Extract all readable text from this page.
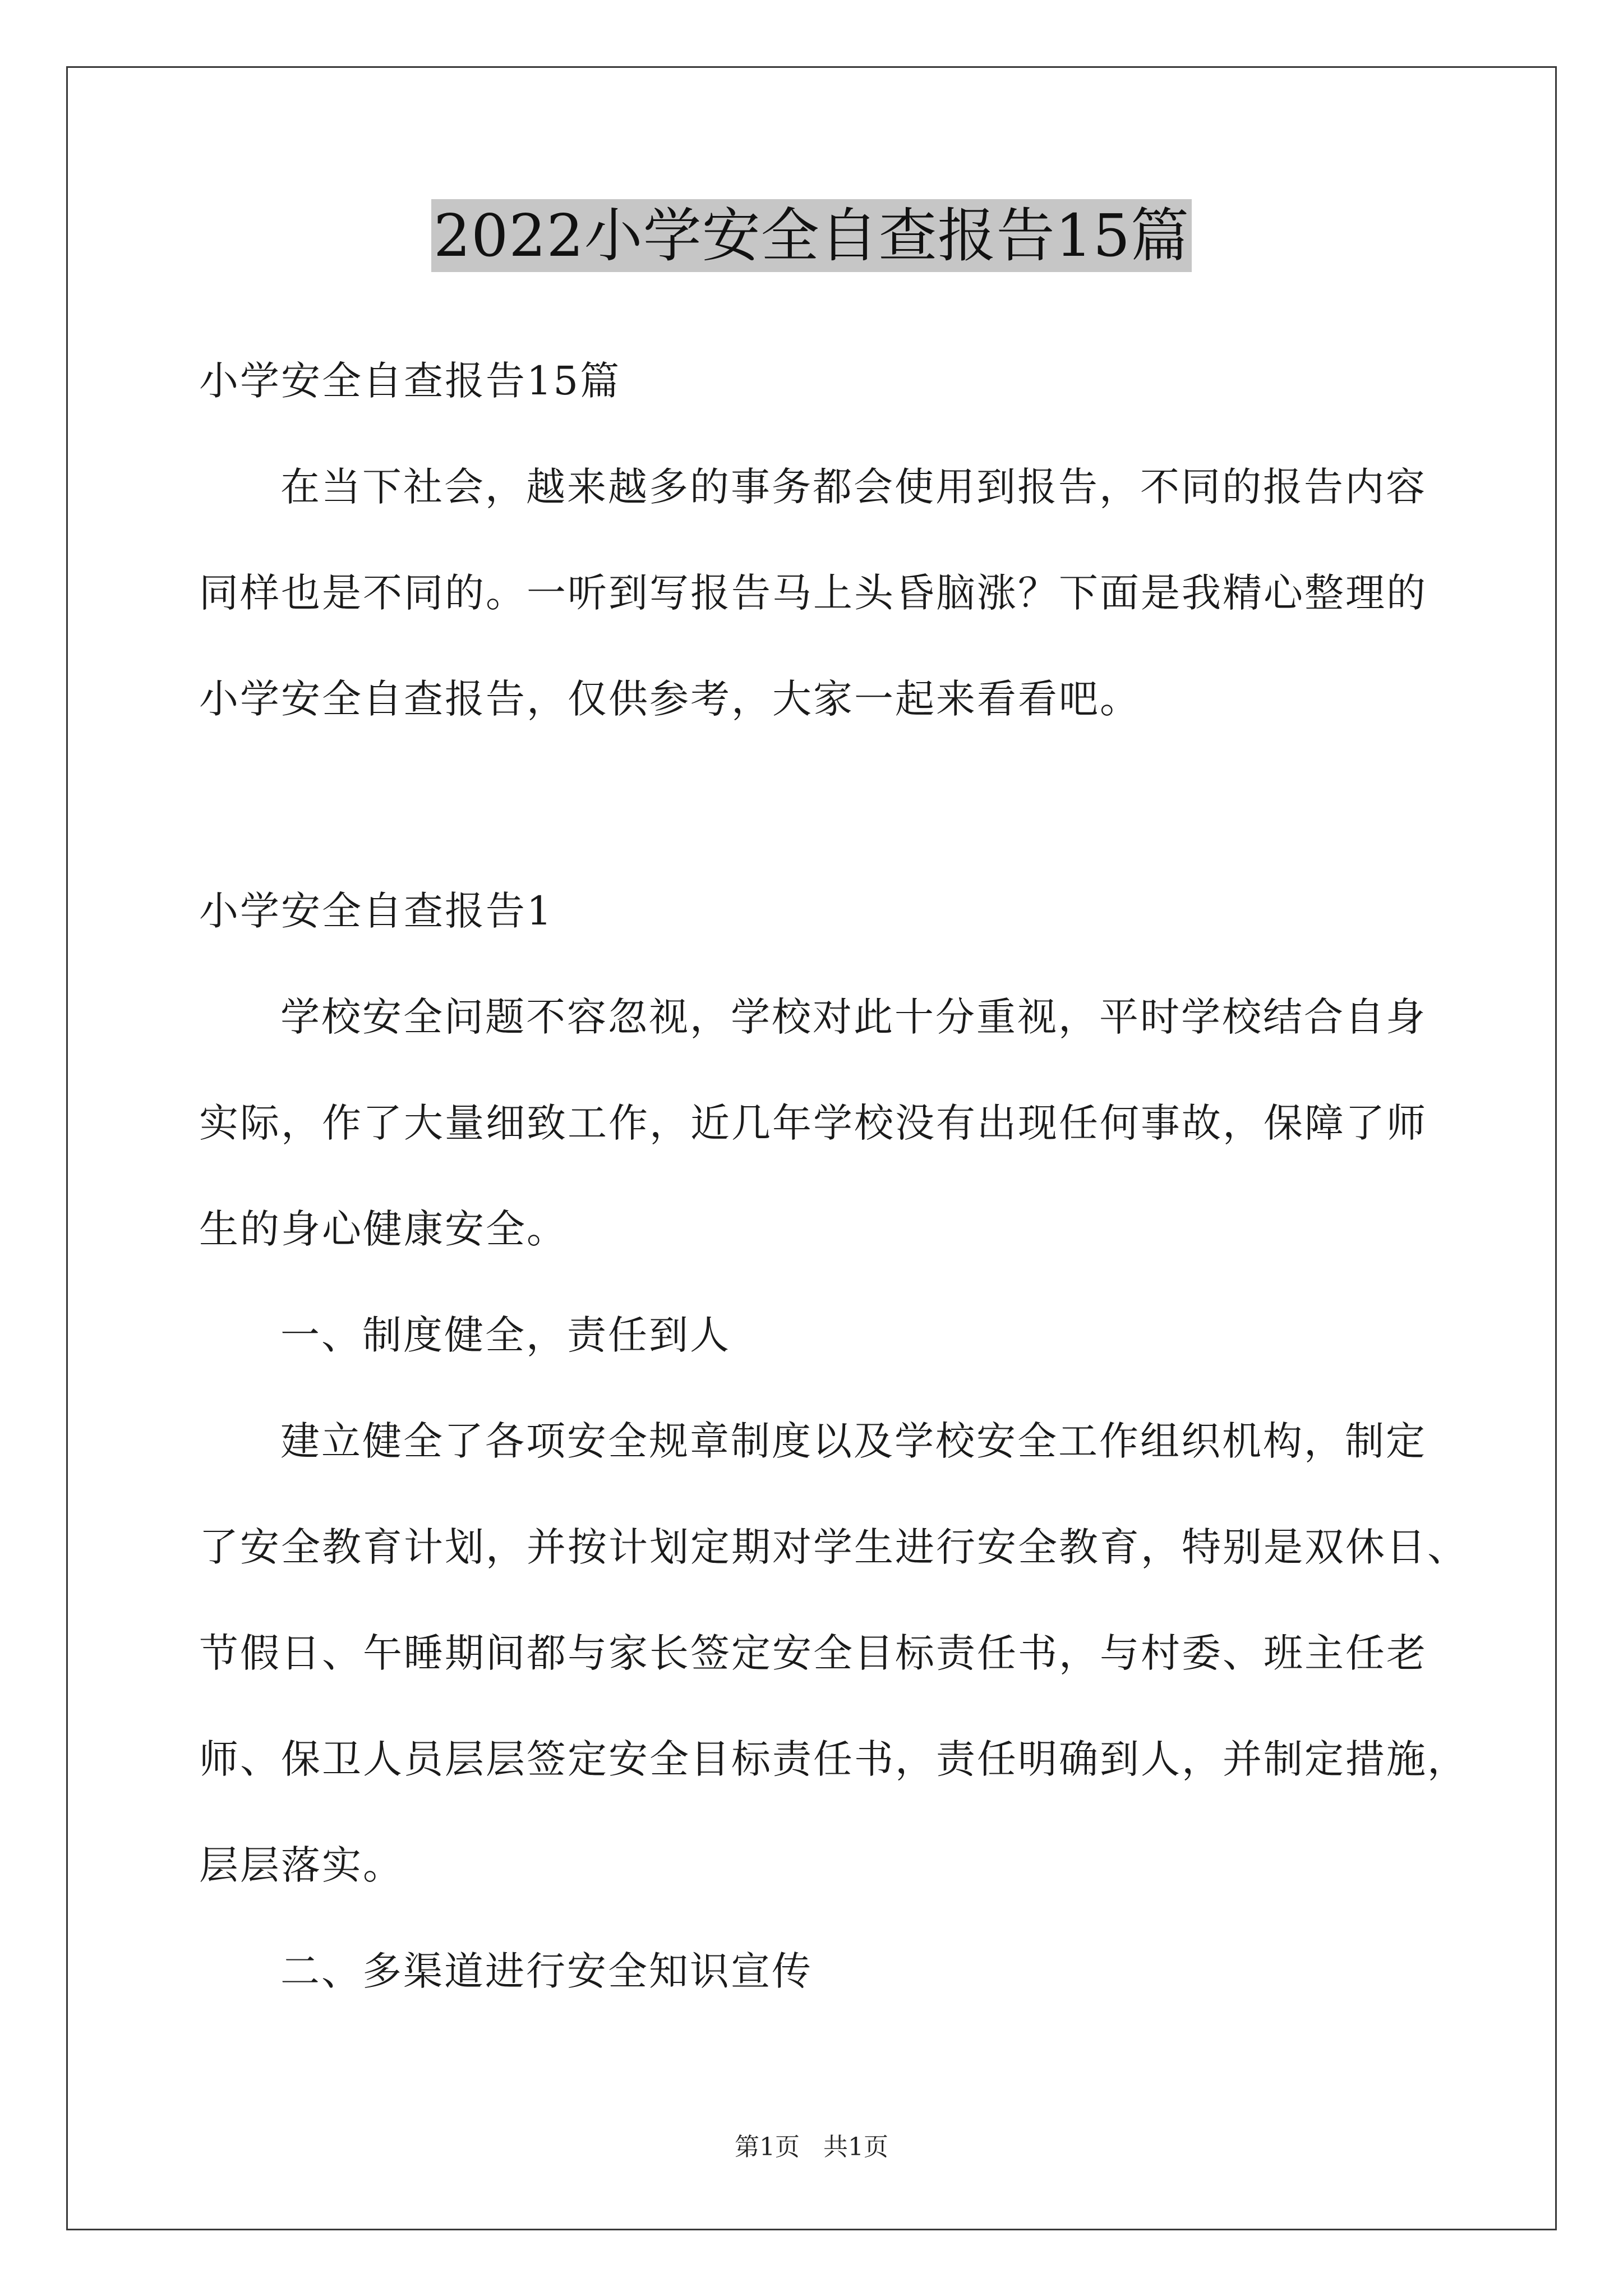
2022小学安全自查报告15篇

小学安全自查报告15篇

在当下社会，越来越多的事务都会使用到报告，不同的报告内容

同样也是不同的。一听到写报告马上头昏脑涨？下面是我精心整理的

小学安全自查报告，仅供参考，大家一起来看看吧。

小学安全自查报告1

学校安全问题不容忽视，学校对此十分重视，平时学校结合自身

实际，作了大量细致工作，近几年学校没有出现任何事故，保障了师

生的身心健康安全。

一、制度健全，责任到人

建立健全了各项安全规章制度以及学校安全工作组织机构，制定

了安全教育计划，并按计划定期对学生进行安全教育，特别是双休日、

节假日、午睡期间都与家长签定安全目标责任书，与村委、班主任老

师、保卫人员层层签定安全目标责任书，责任明确到人，并制定措施，

层层落实。

二、多渠道进行安全知识宣传

第1页 共1页
